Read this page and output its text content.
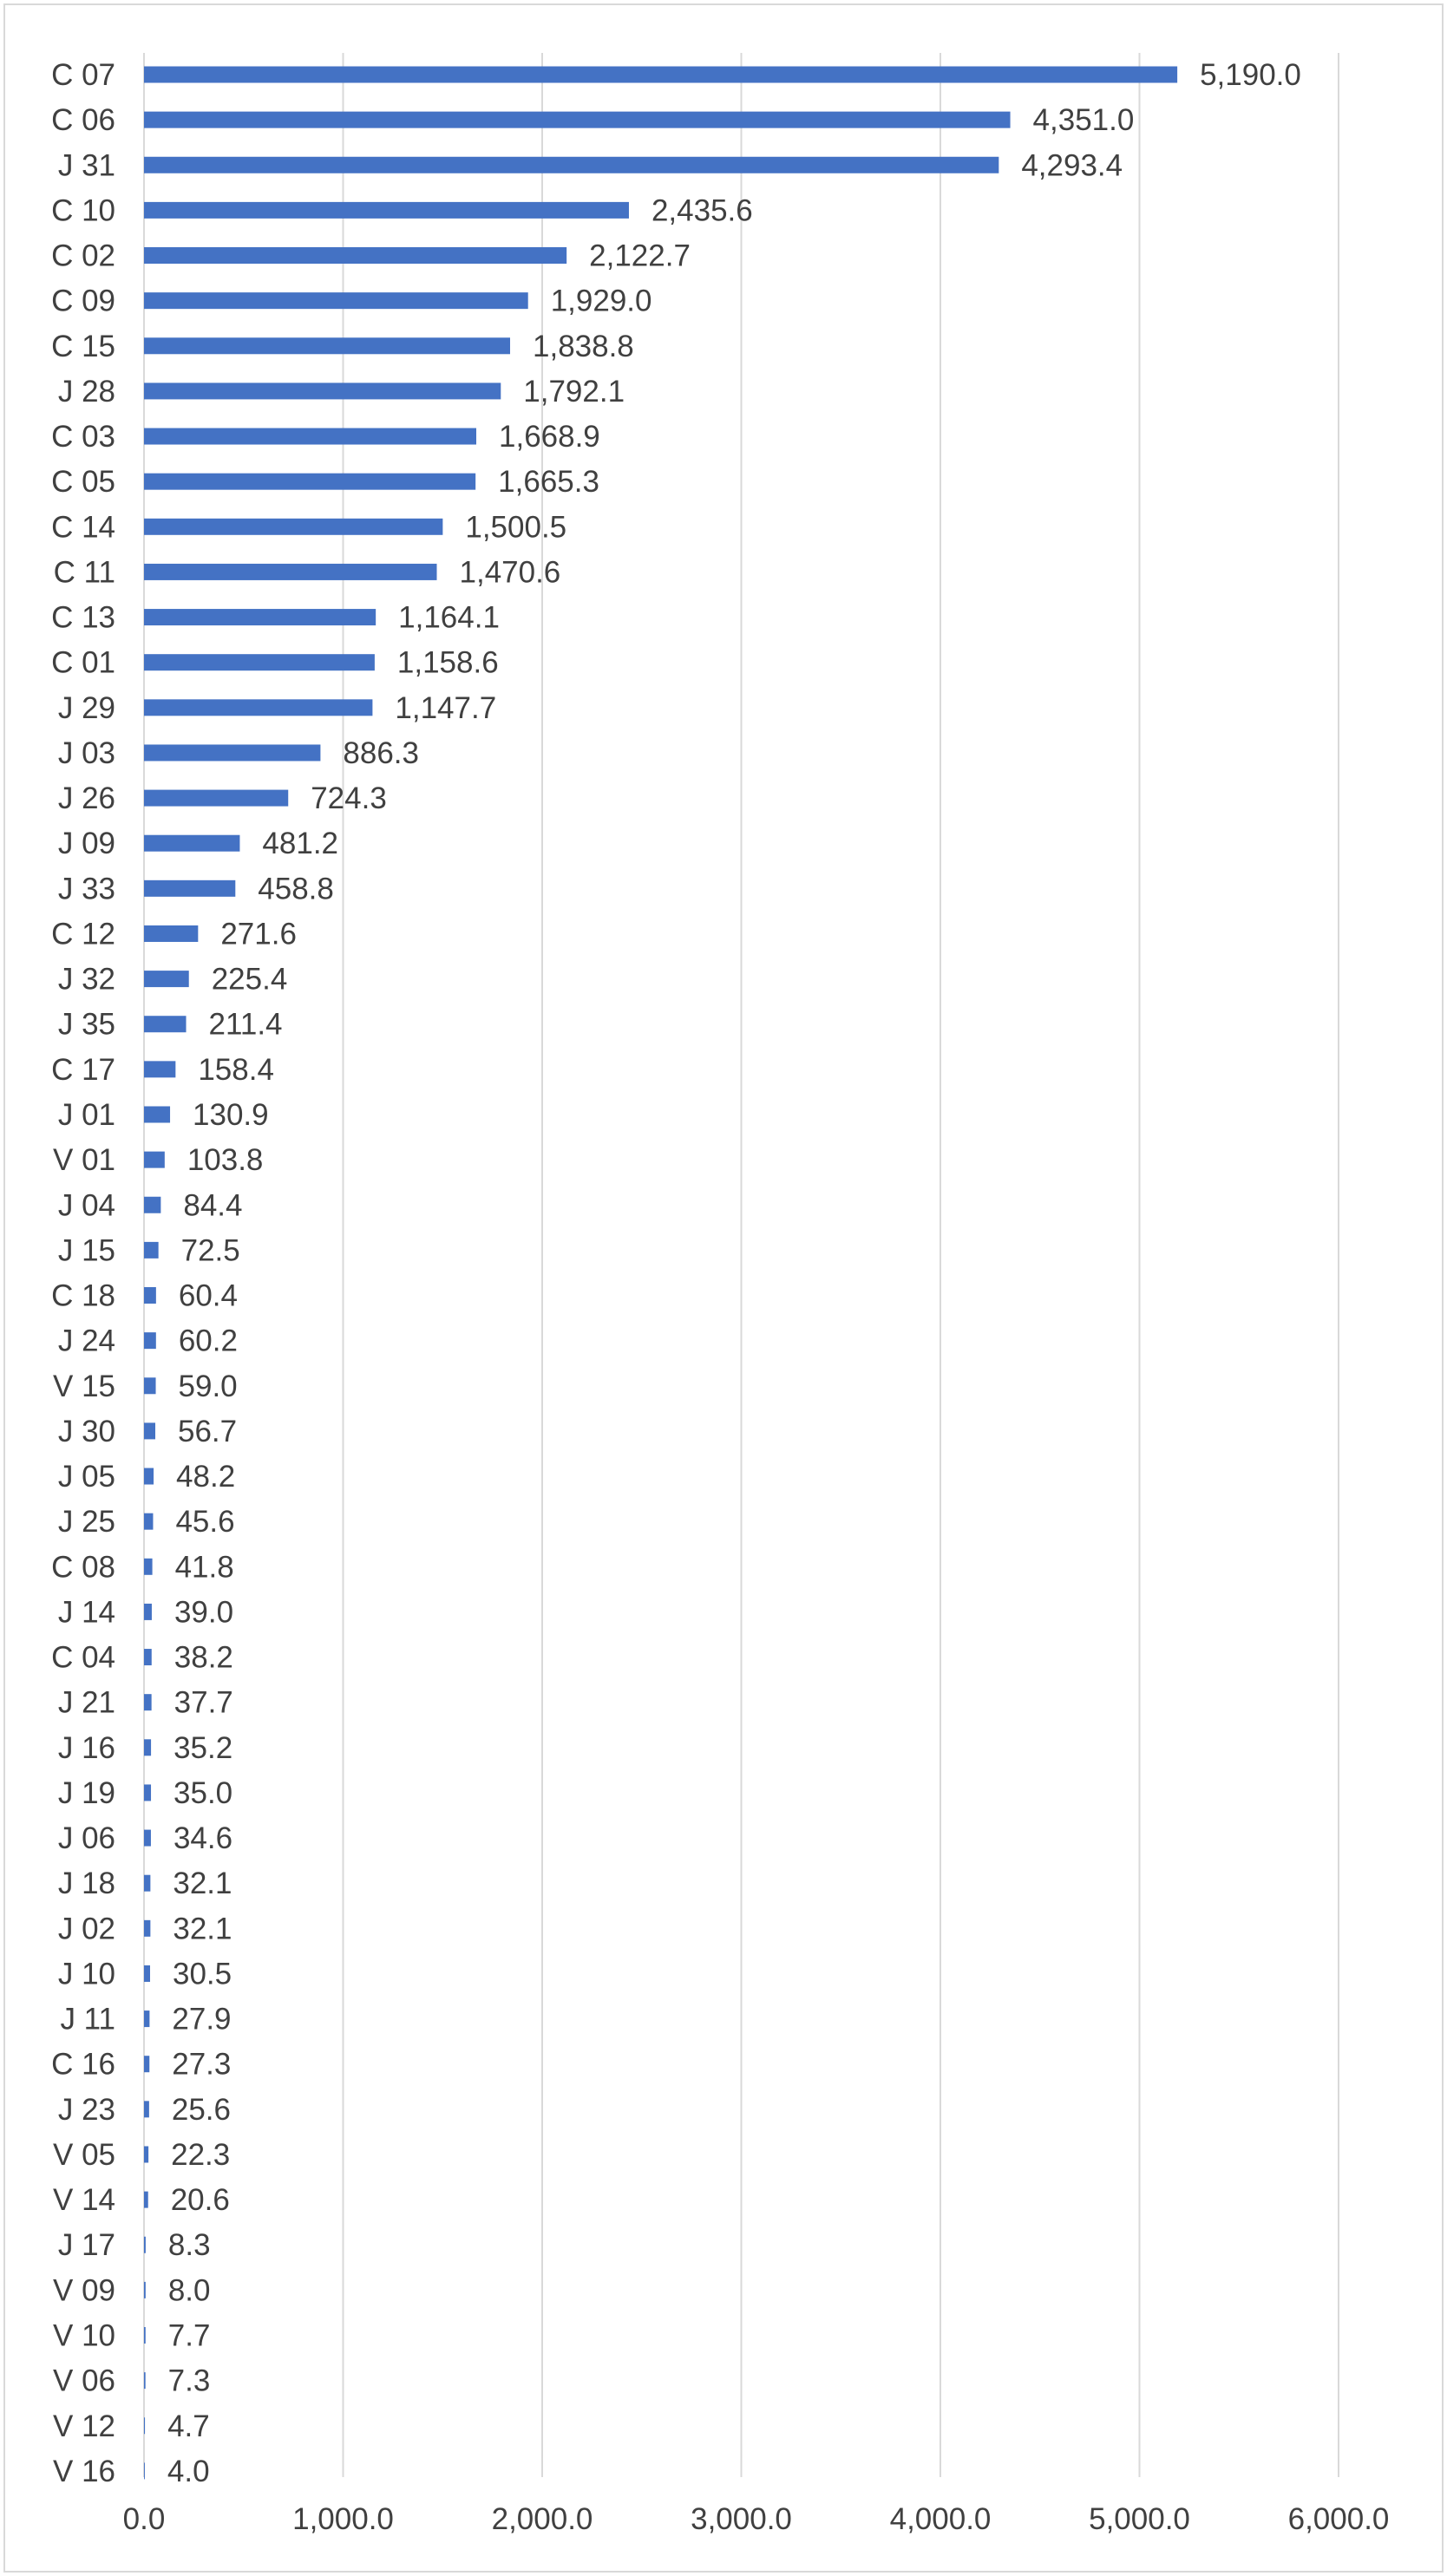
0.0	1,000.0	2,000.0	3,000.0	4,000.0	5,000.0	6,000.0
C 07	5,190.0
C 06	4,351.0
J 31	4,293.4
C 10	2,435.6
C 02	2,122.7
C 09	1,929.0
C 15	1,838.8
J 28	1,792.1
C 03	1,668.9
C 05	1,665.3
C 14	1,500.5
C 11	1,470.6
C 13	1,164.1
C 01	1,158.6
J 29	1,147.7
J 03	886.3
J 26	724.3
J 09	481.2
J 33	458.8
C 12	271.6
J 32	225.4
J 35	211.4
C 17	158.4
J 01	130.9
V 01 103.8
J 04 84.4
J 15 72.5
C 18 60.4
J 24 60.2
V 15 59.0
J 30 56.7
J 05 48.2
J 25 45.6
C 08 41.8
J 14 39.0
C 04 38.2
J 21 37.7
J 16 35.2
J 19 35.0
J 06 34.6
J 18 32.1
J 02 32.1
J 10 30.5
J 11 27.9
C 16 27.3
J 23 25.6
V 05 22.3
V 14 20.6
J 17 8.3
V 09 8.0
V 10 7.7
V 06 7.3
V 12 4.7
V 16 4.0
